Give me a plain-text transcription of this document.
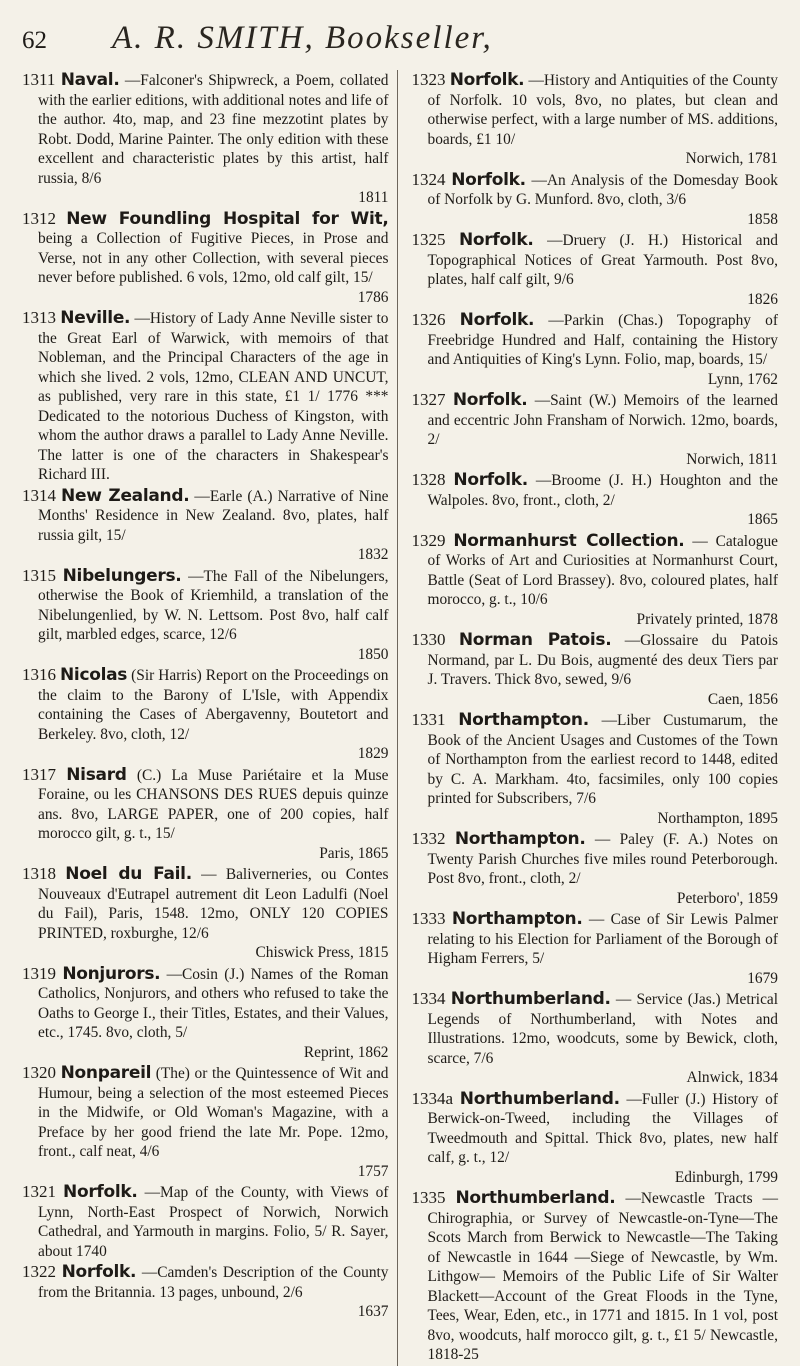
62	A. R. SMITH, Bookseller,

1311 Naval. —Falconer's Shipwreck, a Poem, collated with the earlier editions, with additional notes and life of the author. 4to, map, and 23 fine mezzotint plates by Robt. Dodd, Marine Painter. The only edition with these excellent and characteristic plates by this artist, half russia, 8/6
1811

1312 New Foundling Hospital for Wit, being a Collection of Fugitive Pieces, in Prose and Verse, not in any other Collection, with several pieces never before published. 6 vols, 12mo, old calf gilt, 15/
1786

1313 Neville. —History of Lady Anne Neville sister to the Great Earl of Warwick, with memoirs of that Nobleman, and the Principal Characters of the age in which she lived. 2 vols, 12mo, CLEAN AND UNCUT, as published, very rare in this state, £1 1/ 1776 *** Dedicated to the notorious Duchess of Kingston, with whom the author draws a parallel to Lady Anne Neville. The latter is one of the characters in Shakespear's Richard III.

1314 New Zealand. —Earle (A.) Narrative of Nine Months' Residence in New Zealand. 8vo, plates, half russia gilt, 15/
1832

1315 Nibelungers. —The Fall of the Nibelungers, otherwise the Book of Kriemhild, a translation of the Nibelungenlied, by W. N. Lettsom. Post 8vo, half calf gilt, marbled edges, scarce, 12/6
1850

1316 Nicolas (Sir Harris) Report on the Proceedings on the claim to the Barony of L'Isle, with Appendix containing the Cases of Abergavenny, Boutetort and Berkeley. 8vo, cloth, 12/
1829

1317 Nisard (C.) La Muse Pariétaire et la Muse Foraine, ou les CHANSONS DES RUES depuis quinze ans. 8vo, LARGE PAPER, one of 200 copies, half morocco gilt, g. t., 15/
Paris, 1865

1318 Noel du Fail. — Baliverneries, ou Contes Nouveaux d'Eutrapel autrement dit Leon Ladulfi (Noel du Fail), Paris, 1548. 12mo, ONLY 120 COPIES PRINTED, roxburghe, 12/6
Chiswick Press, 1815

1319 Nonjurors. —Cosin (J.) Names of the Roman Catholics, Nonjurors, and others who refused to take the Oaths to George I., their Titles, Estates, and their Values, etc., 1745. 8vo, cloth, 5/
Reprint, 1862

1320 Nonpareil (The) or the Quintessence of Wit and Humour, being a selection of the most esteemed Pieces in the Midwife, or Old Woman's Magazine, with a Preface by her good friend the late Mr. Pope. 12mo, front., calf neat, 4/6
1757

1321 Norfolk. —Map of the County, with Views of Lynn, North-East Prospect of Norwich, Norwich Cathedral, and Yarmouth in margins. Folio, 5/ R. Sayer, about 1740

1322 Norfolk. —Camden's Description of the County from the Britannia. 13 pages, unbound, 2/6
1637

1323 Norfolk. —History and Antiquities of the County of Norfolk. 10 vols, 8vo, no plates, but clean and otherwise perfect, with a large number of MS. additions, boards, £1 10/
Norwich, 1781

1324 Norfolk. —An Analysis of the Domesday Book of Norfolk by G. Munford. 8vo, cloth, 3/6
1858

1325 Norfolk. —Druery (J. H.) Historical and Topographical Notices of Great Yarmouth. Post 8vo, plates, half calf gilt, 9/6
1826

1326 Norfolk. —Parkin (Chas.) Topography of Freebridge Hundred and Half, containing the History and Antiquities of King's Lynn. Folio, map, boards, 15/
Lynn, 1762

1327 Norfolk. —Saint (W.) Memoirs of the learned and eccentric John Fransham of Norwich. 12mo, boards, 2/
Norwich, 1811

1328 Norfolk. —Broome (J. H.) Houghton and the Walpoles. 8vo, front., cloth, 2/
1865

1329 Normanhurst Collection. — Catalogue of Works of Art and Curiosities at Normanhurst Court, Battle (Seat of Lord Brassey). 8vo, coloured plates, half morocco, g. t., 10/6
Privately printed, 1878

1330 Norman Patois. —Glossaire du Patois Normand, par L. Du Bois, augmenté des deux Tiers par J. Travers. Thick 8vo, sewed, 9/6
Caen, 1856

1331 Northampton. —Liber Custumarum, the Book of the Ancient Usages and Customes of the Town of Northampton from the earliest record to 1448, edited by C. A. Markham. 4to, facsimiles, only 100 copies printed for Subscribers, 7/6
Northampton, 1895

1332 Northampton. — Paley (F. A.) Notes on Twenty Parish Churches five miles round Peterborough. Post 8vo, front., cloth, 2/
Peterboro', 1859

1333 Northampton. — Case of Sir Lewis Palmer relating to his Election for Parliament of the Borough of Higham Ferrers, 5/
1679

1334 Northumberland. — Service (Jas.) Metrical Legends of Northumberland, with Notes and Illustrations. 12mo, woodcuts, some by Bewick, cloth, scarce, 7/6
Alnwick, 1834

1334a Northumberland. —Fuller (J.) History of Berwick-on-Tweed, including the Villages of Tweedmouth and Spittal. Thick 8vo, plates, new half calf, g. t., 12/
Edinburgh, 1799

1335 Northumberland. —Newcastle Tracts —Chirographia, or Survey of Newcastle-on-Tyne—The Scots March from Berwick to Newcastle—The Taking of Newcastle in 1644 —Siege of Newcastle, by Wm. Lithgow— Memoirs of the Public Life of Sir Walter Blackett—Account of the Great Floods in the Tyne, Tees, Wear, Eden, etc., in 1771 and 1815. In 1 vol, post 8vo, woodcuts, half morocco gilt, g. t., £1 5/ Newcastle, 1818-25
